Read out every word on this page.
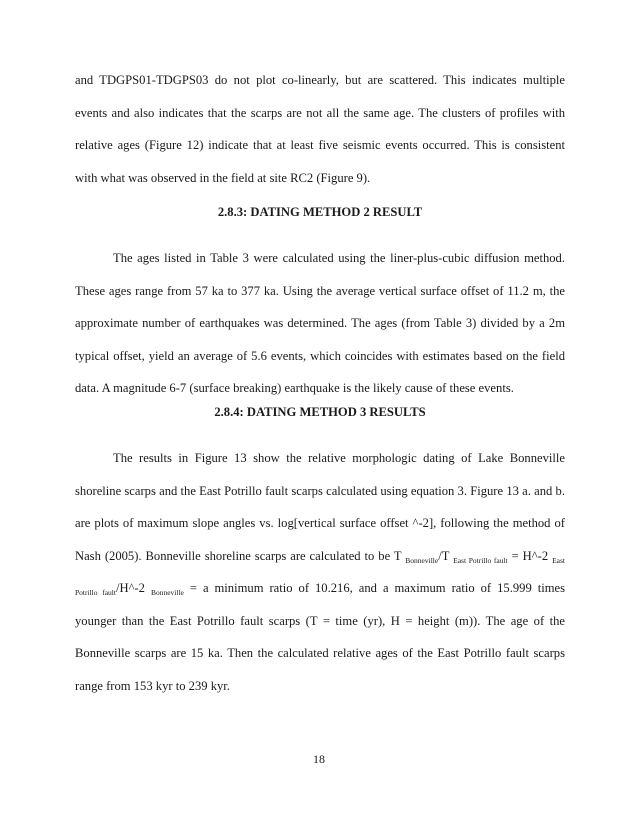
and TDGPS01-TDGPS03 do not plot co-linearly, but are scattered. This indicates multiple events and also indicates that the scarps are not all the same age. The clusters of profiles with relative ages (Figure 12) indicate that at least five seismic events occurred. This is consistent with what was observed in the field at site RC2 (Figure 9).

2.8.3: DATING METHOD 2 RESULT

The ages listed in Table 3 were calculated using the liner-plus-cubic diffusion method. These ages range from 57 ka to 377 ka. Using the average vertical surface offset of 11.2 m, the approximate number of earthquakes was determined. The ages (from Table 3) divided by a 2m typical offset, yield an average of 5.6 events, which coincides with estimates based on the field data. A magnitude 6-7 (surface breaking) earthquake is the likely cause of these events.

2.8.4: DATING METHOD 3 RESULTS

The results in Figure 13 show the relative morphologic dating of Lake Bonneville shoreline scarps and the East Potrillo fault scarps calculated using equation 3. Figure 13 a. and b. are plots of maximum slope angles vs. log[vertical surface offset ^-2], following the method of Nash (2005). Bonneville shoreline scarps are calculated to be T $_{Bonneville}$/T $_{East Potrillo fault}$ = H^-2 $_{East Potrillo fault}$/H^-2 $_{Bonneville}$ = a minimum ratio of 10.216, and a maximum ratio of 15.999 times younger than the East Potrillo fault scarps (T = time (yr), H = height (m)). The age of the Bonneville scarps are 15 ka. Then the calculated relative ages of the East Potrillo fault scarps range from 153 kyr to 239 kyr.

18
